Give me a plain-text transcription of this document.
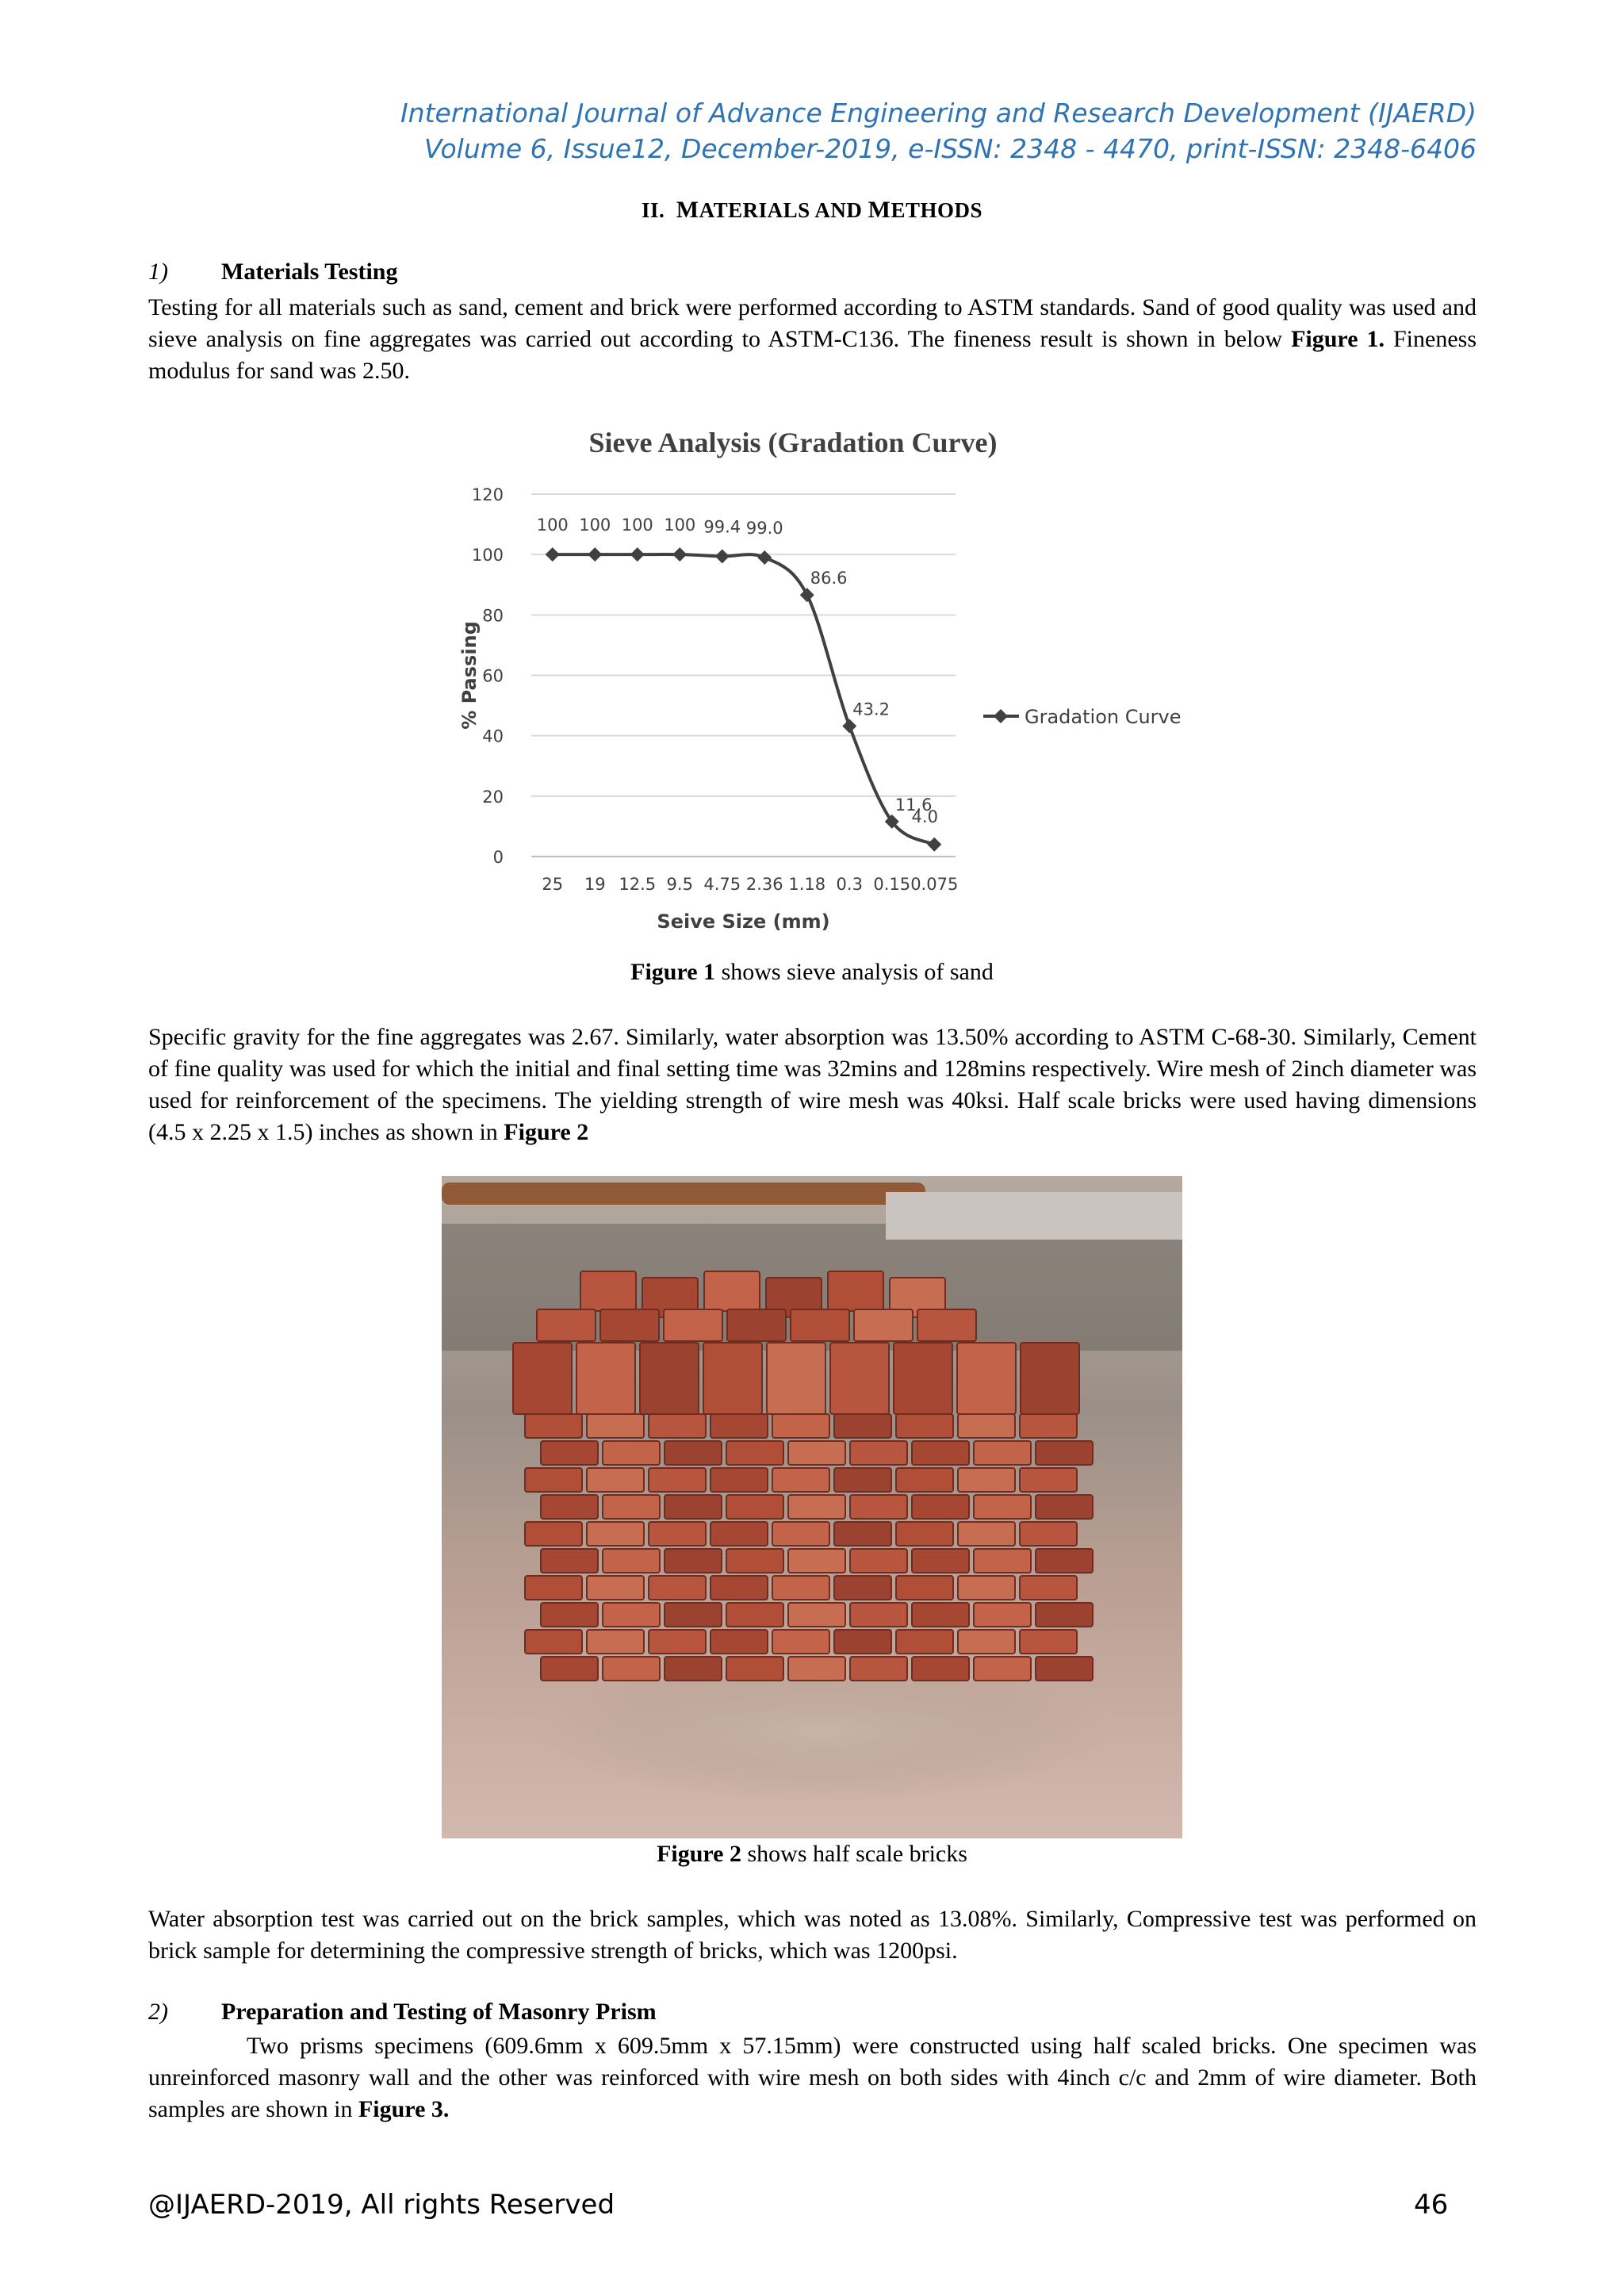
International Journal of Advance Engineering and Research Development (IJAERD)
Volume 6, Issue12, December-2019, e-ISSN: 2348 - 4470, print-ISSN: 2348-6406
II. MATERIALS AND METHODS
1) Materials Testing
Testing for all materials such as sand, cement and brick were performed according to ASTM standards. Sand of good quality was used and sieve analysis on fine aggregates was carried out according to ASTM-C136. The fineness result is shown in below Figure 1. Fineness modulus for sand was 2.50.
Sieve Analysis (Gradation Curve)
0
20
40
60
80
100
120
25 19 12.5 9.5 4.75 2.36 1.18 0.3 0.15 0.075
100 100 100 100 99.4 99.0
86.6
43.2
11.6
4.0
% Passing
Seive Size (mm)
Gradation Curve
Figure 1 shows sieve analysis of sand
Specific gravity for the fine aggregates was 2.67. Similarly, water absorption was 13.50% according to ASTM C-68-30. Similarly, Cement of fine quality was used for which the initial and final setting time was 32mins and 128mins respectively. Wire mesh of 2inch diameter was used for reinforcement of the specimens. The yielding strength of wire mesh was 40ksi. Half scale bricks were used having dimensions (4.5 x 2.25 x 1.5) inches as shown in Figure 2
Figure 2 shows half scale bricks
Water absorption test was carried out on the brick samples, which was noted as 13.08%. Similarly, Compressive test was performed on brick sample for determining the compressive strength of bricks, which was 1200psi.
2) Preparation and Testing of Masonry Prism
Two prisms specimens (609.6mm x 609.5mm x 57.15mm) were constructed using half scaled bricks. One specimen was unreinforced masonry wall and the other was reinforced with wire mesh on both sides with 4inch c/c and 2mm of wire diameter. Both samples are shown in Figure 3.
@IJAERD-2019, All rights Reserved	46
